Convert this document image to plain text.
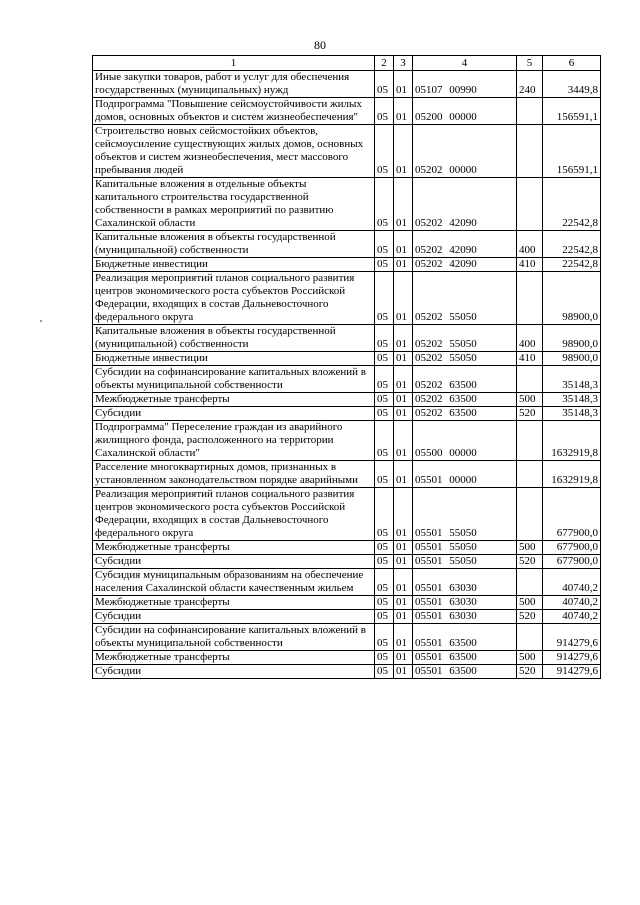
80
1	2	3	4	5	6
Иные закупки товаров, работ и услуг для обеспечения государственных (муниципальных) нужд	05	01	05107 00990	240	3449,8
Подпрограмма "Повышение сейсмоустойчивости жилых домов, основных объектов и систем жизнеобеспечения"	05	01	05200 00000		156591,1
Строительство новых сейсмостойких объектов, сейсмоусиление существующих жилых домов, основных объектов и систем жизнеобеспечения, мест массового пребывания людей	05	01	05202 00000		156591,1
Капитальные вложения в отдельные объекты капитального строительства государственной собственности в рамках мероприятий по развитию Сахалинской области	05	01	05202 42090		22542,8
Капитальные вложения в объекты государственной (муниципальной) собственности	05	01	05202 42090	400	22542,8
Бюджетные инвестиции	05	01	05202 42090	410	22542,8
Реализация мероприятий планов социального развития центров экономического роста субъектов Российской Федерации, входящих в состав Дальневосточного федерального округа	05	01	05202 55050		98900,0
Капитальные вложения в объекты государственной (муниципальной) собственности	05	01	05202 55050	400	98900,0
Бюджетные инвестиции	05	01	05202 55050	410	98900,0
Субсидии на софинансирование капитальных вложений в объекты муниципальной собственности	05	01	05202 63500		35148,3
Межбюджетные трансферты	05	01	05202 63500	500	35148,3
Субсидии	05	01	05202 63500	520	35148,3
Подпрограмма" Переселение граждан из аварийного жилищного фонда, расположенного на территории Сахалинской области"	05	01	05500 00000		1632919,8
Расселение многоквартирных домов, признанных в установленном законодательством порядке аварийными	05	01	05501 00000		1632919,8
Реализация мероприятий планов социального развития центров экономического роста субъектов Российской Федерации, входящих в состав Дальневосточного федерального округа	05	01	05501 55050		677900,0
Межбюджетные трансферты	05	01	05501 55050	500	677900,0
Субсидии	05	01	05501 55050	520	677900,0
Субсидия муниципальным образованиям на обеспечение населения Сахалинской области качественным жильем	05	01	05501 63030		40740,2
Межбюджетные трансферты	05	01	05501 63030	500	40740,2
Субсидии	05	01	05501 63030	520	40740,2
Субсидии на софинансирование капитальных вложений в объекты муниципальной собственности	05	01	05501 63500		914279,6
Межбюджетные трансферты	05	01	05501 63500	500	914279,6
Субсидии	05	01	05501 63500	520	914279,6
